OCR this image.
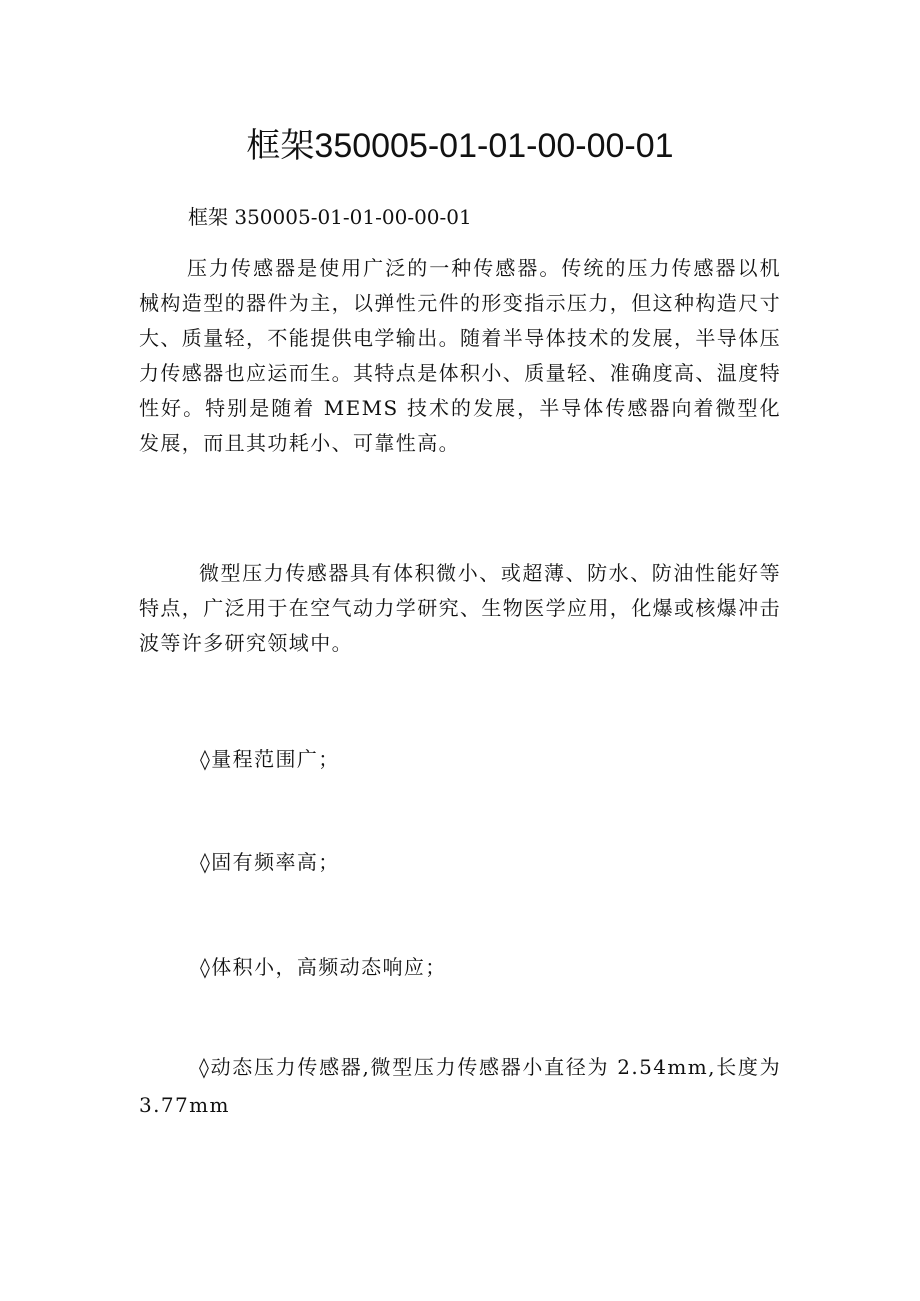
框架350005-01-01-00-00-01
框架 350005-01-01-00-00-01

压力传感器是使用广泛的一种传感器。传统的压力传感器以机械构造型的器件为主，以弹性元件的形变指示压力，但这种构造尺寸大、质量轻，不能提供电学输出。随着半导体技术的发展，半导体压力传感器也应运而生。其特点是体积小、质量轻、准确度高、温度特性好。特别是随着 MEMS 技术的发展，半导体传感器向着微型化发展，而且其功耗小、可靠性高。

微型压力传感器具有体积微小、或超薄、防水、防油性能好等特点，广泛用于在空气动力学研究、生物医学应用，化爆或核爆冲击波等许多研究领域中。

◊量程范围广；
◊固有频率高；
◊体积小，高频动态响应；
◊动态压力传感器,微型压力传感器小直径为 2.54mm,长度为 3.77mm
